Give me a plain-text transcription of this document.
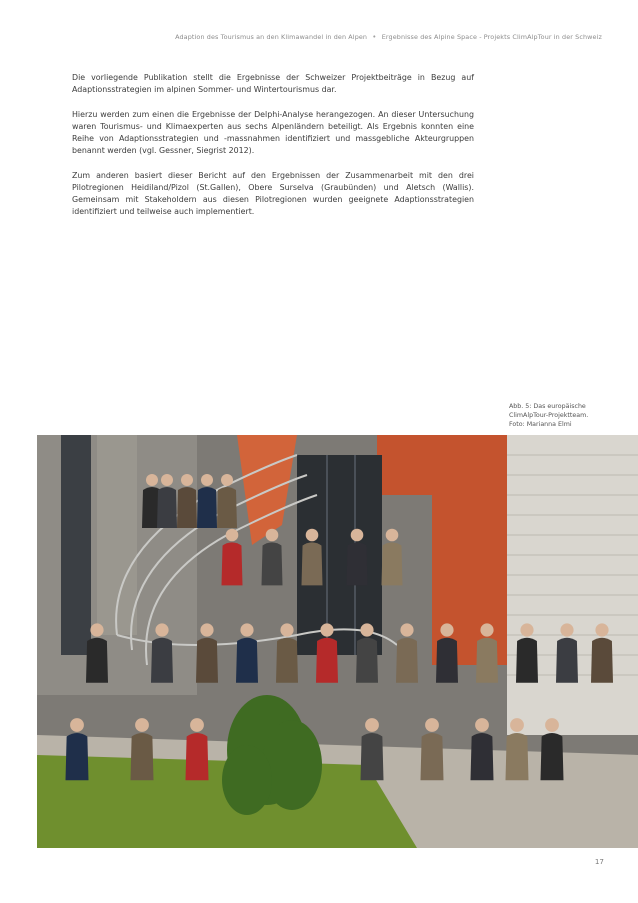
Adaption des Tourismus an den Klimawandel in den Alpen • Ergebnisse des Alpine Space - Projekts ClimAlpTour in der Schweiz

Die vorliegende Publikation stellt die Ergebnisse der Schweizer Projektbeiträge in Bezug auf Adaptionsstrategien im alpinen Sommer- und Wintertourismus dar.

Hierzu werden zum einen die Ergebnisse der Delphi-Analyse herangezogen. An dieser Untersuchung waren Tourismus- und Klimaexperten aus sechs Alpenländern beteiligt. Als Ergebnis konnten eine Reihe von Adaptionsstrategien und -massnahmen identifiziert und massgebliche Akteurgruppen benannt werden (vgl. Gessner, Siegrist 2012).

Zum anderen basiert dieser Bericht auf den Ergebnissen der Zusammenarbeit mit den drei Pilotregionen Heidiland/Pizol (St.Gallen), Obere Surselva (Graubünden) und Aletsch (Wallis). Gemeinsam mit Stakeholdern aus diesen Pilotregionen wurden geeignete Adaptionsstrategien identifiziert und teilweise auch implementiert.

Abb. 5: Das europäische
ClimAlpTour-Projektteam.
Foto: Marianna Elmi
17
